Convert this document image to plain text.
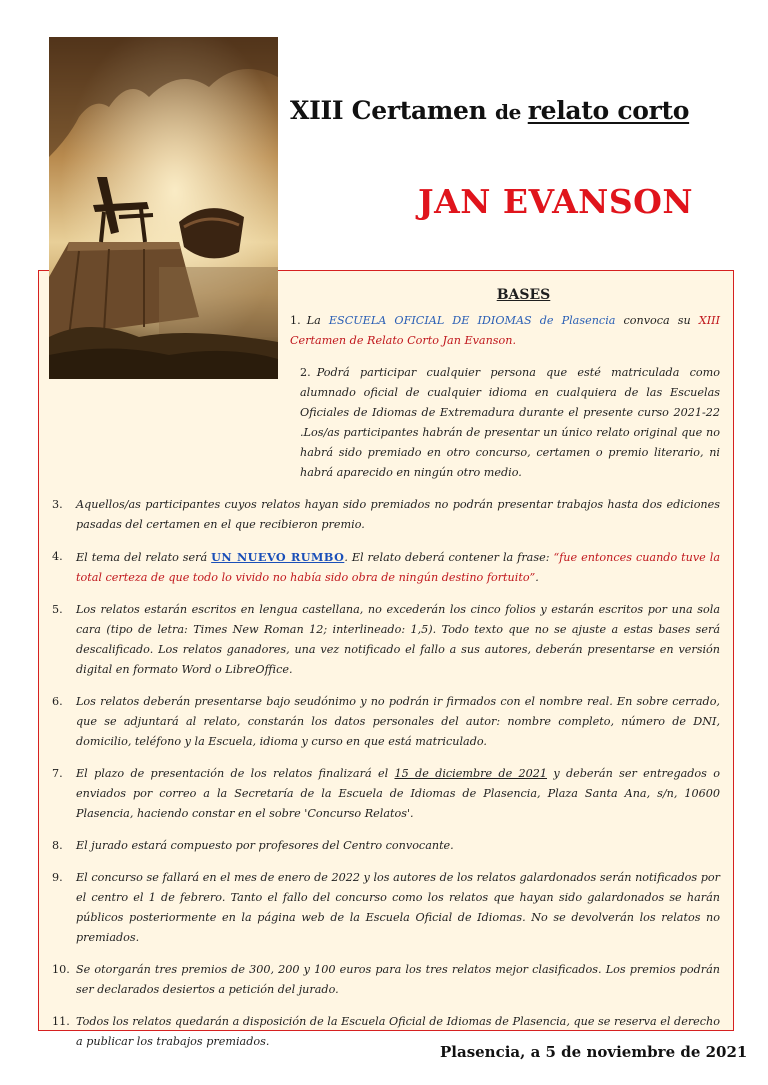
XIII Certamen de relato corto
JAN EVANSON
BASES
1. La ESCUELA OFICIAL DE IDIOMAS de Plasencia convoca su XIII Certamen de Relato Corto Jan Evanson.
2. Podrá participar cualquier persona que esté matriculada como alumnado oficial de cualquier idioma en cualquiera de las Escuelas Oficiales de Idiomas de Extremadura durante el presente curso 2021-22 .Los/as participantes habrán de presentar un único relato original que no habrá sido premiado en otro concurso, certamen o premio literario, ni habrá aparecido en ningún otro medio.
3. Aquellos/as participantes cuyos relatos hayan sido premiados no podrán presentar trabajos hasta dos ediciones pasadas del certamen en el que recibieron premio.
4. El tema del relato será UN NUEVO RUMBO. El relato deberá contener la frase: “fue entonces cuando tuve la total certeza de que todo lo vivido no había sido obra de ningún destino fortuito”.
5. Los relatos estarán escritos en lengua castellana, no excederán los cinco folios y estarán escritos por una sola cara (tipo de letra: Times New Roman 12; interlineado: 1,5). Todo texto que no se ajuste a estas bases será descalificado. Los relatos ganadores, una vez notificado el fallo a sus autores, deberán presentarse en versión digital en formato Word o LibreOffice.
6. Los relatos deberán presentarse bajo seudónimo y no podrán ir firmados con el nombre real. En sobre cerrado, que se adjuntará al relato, constarán los datos personales del autor: nombre completo, número de DNI, domicilio, teléfono y la Escuela, idioma y curso en que está matriculado.
7. El plazo de presentación de los relatos finalizará el 15 de diciembre de 2021 y deberán ser entregados o enviados por correo a la Secretaría de la Escuela de Idiomas de Plasencia, Plaza Santa Ana, s/n, 10600 Plasencia, haciendo constar en el sobre 'Concurso Relatos'.
8. El jurado estará compuesto por profesores del Centro convocante.
9. El concurso se fallará en el mes de enero de 2022 y los autores de los relatos galardonados serán notificados por el centro el 1 de febrero. Tanto el fallo del concurso como los relatos que hayan sido galardonados se harán públicos posteriormente en la página web de la Escuela Oficial de Idiomas. No se devolverán los relatos no premiados.
10. Se otorgarán tres premios de 300, 200 y 100 euros para los tres relatos mejor clasificados. Los premios podrán ser declarados desiertos a petición del jurado.
11. Todos los relatos quedarán a disposición de la Escuela Oficial de Idiomas de Plasencia, que se reserva el derecho a publicar los trabajos premiados.
Plasencia, a 5 de noviembre de 2021
